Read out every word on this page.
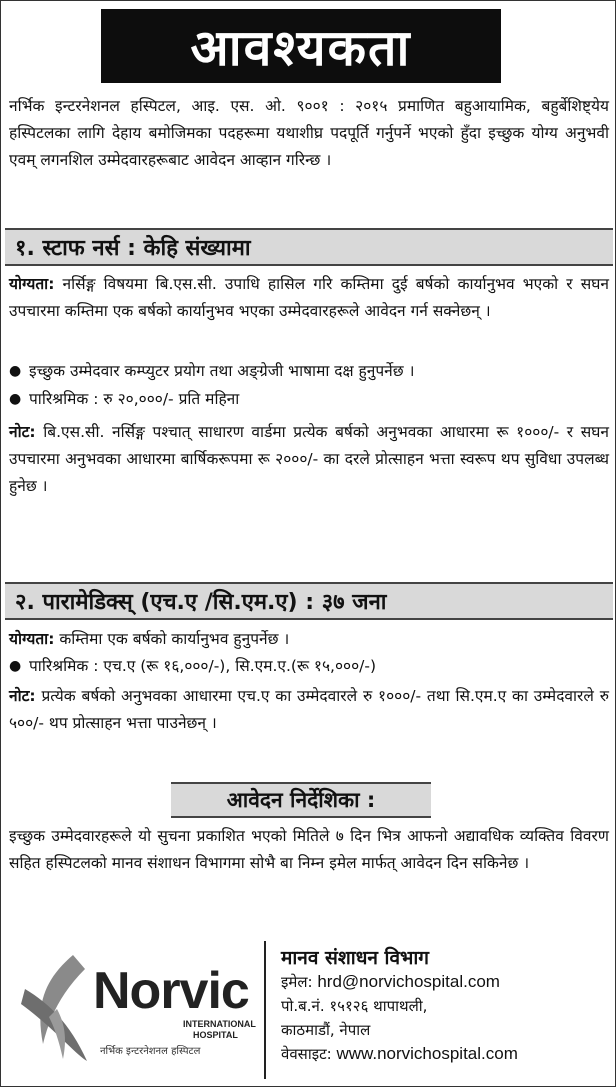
आवश्यकता

नर्भिक इन्टरनेशनल हस्पिटल, आइ. एस. ओ. ९००१ : २०१५ प्रमाणित बहुआयामिक, बहुर्बेशिष्ट्येय हस्पिटलका लागि देहाय बमोजिमका पदहरूमा यथाशीघ्र पदपूर्ति गर्नुपर्ने भएको हुँदा इच्छुक योग्य अनुभवी एवम् लगनशिल उम्मेदवारहरूबाट आवेदन आव्हान गरिन्छ ।

१. स्टाफ नर्स : केहि संख्यामा

योग्यता: नर्सिङ्ग विषयमा बि.एस.सी. उपाधि हासिल गरि कम्तिमा दुई बर्षको कार्यानुभव भएको र सघन उपचारमा कम्तिमा एक बर्षको कार्यानुभव भएका उम्मेदवारहरूले आवेदन गर्न सक्नेछन् ।

● इच्छुक उम्मेदवार कम्प्युटर प्रयोग तथा अङ्ग्रेजी भाषामा दक्ष हुनुपर्नेछ ।
● पारिश्रमिक : रु २०,०००/- प्रति महिना

नोट: बि.एस.सी. नर्सिङ्ग पश्चात् साधारण वार्डमा प्रत्येक बर्षको अनुभवका आधारमा रू १०००/- र सघन उपचारमा अनुभवका आधारमा बार्षिकरूपमा रू २०००/- का दरले प्रोत्साहन भत्ता स्वरूप थप सुविधा उपलब्ध हुनेछ ।

२. पारामेडिक्स् (एच.ए /सि.एम.ए) : ३७ जना

योग्यता: कम्तिमा एक बर्षको कार्यानुभव हुनुपर्नेछ ।

● पारिश्रमिक : एच.ए (रू १६,०००/-), सि.एम.ए.(रू १५,०००/-)

नोट: प्रत्येक बर्षको अनुभवका आधारमा एच.ए का उम्मेदवारले रु १०००/- तथा सि.एम.ए का उम्मेदवारले रु ५००/- थप प्रोत्साहन भत्ता पाउनेछन् ।

आवेदन निर्देशिका :

इच्छुक उम्मेदवारहरूले यो सुचना प्रकाशित भएको मितिले ७ दिन भित्र आफनो अद्यावधिक व्यक्तिव विवरण सहित हस्पिटलको मानव संशाधन विभागमा सोभै बा निम्न इमेल मार्फत् आवेदन दिन सकिनेछ ।

Norvic
INTERNATIONAL
HOSPITAL
नर्भिक इन्टरनेशनल हस्पिटल
मानव संशाधन विभाग
इमेल: hrd@norvichospital.com
पो.ब.नं. १५१२६ थापाथली,
काठमाडौं, नेपाल
वेवसाइट: www.norvichospital.com
